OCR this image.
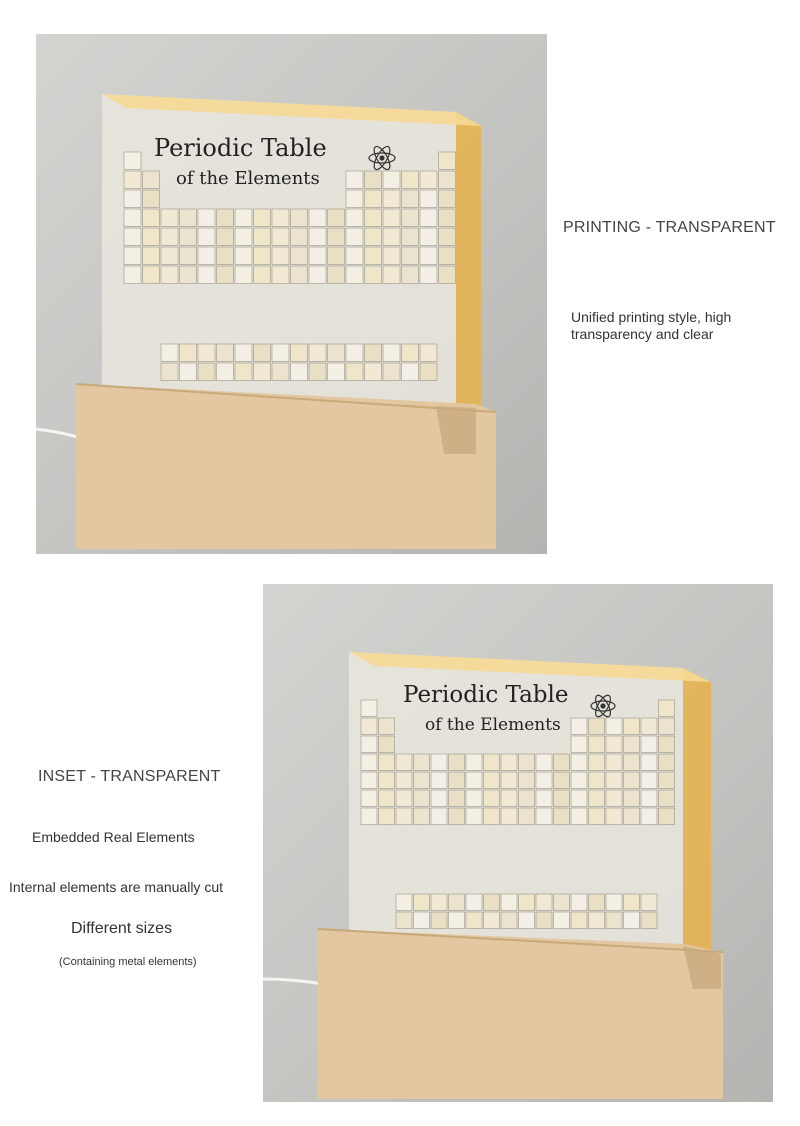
Periodic Table
of the Elements
PRINTING - TRANSPARENT
Unified printing style, high
transparency and clear
Periodic Table
of the Elements
INSET - TRANSPARENT
Embedded Real Elements
Internal elements are manually cut
Different sizes
(Containing metal elements)
